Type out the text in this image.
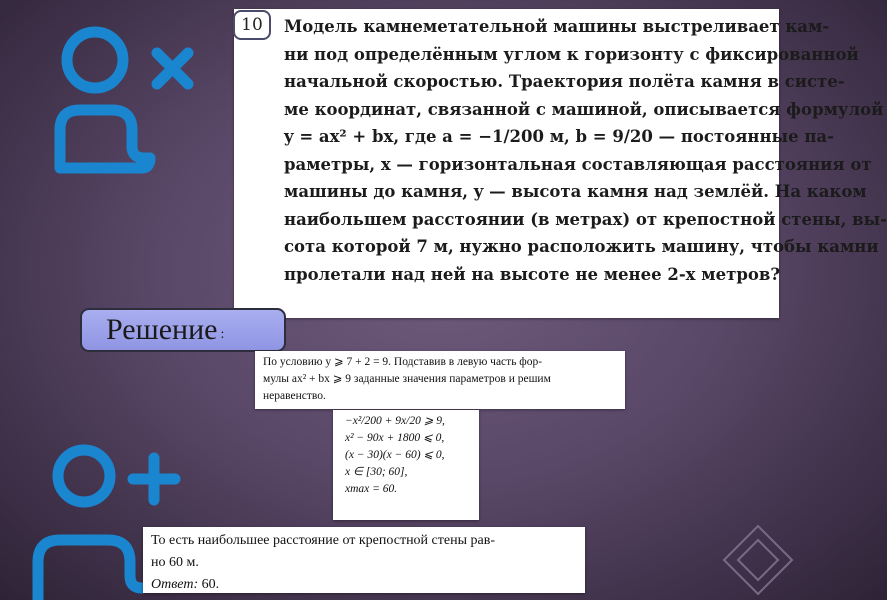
Модель камнеметательной машины выстреливает кам-
ни под определённым углом к горизонту с фиксированной
начальной скоростью. Траектория полёта камня в систе-
ме координат, связанной с машиной, описывается формулой
y = ax² + bx, где a = −1/200 м, b = 9/20 — постоянные па-
раметры, x — горизонтальная составляющая расстояния от
машины до камня, y — высота камня над землёй. На каком
наибольшем расстоянии (в метрах) от крепостной стены, вы-
сота которой 7 м, нужно расположить машину, чтобы камни
пролетали над ней на высоте не менее 2-х метров?
10
Решение :
По условию y ⩾ 7 + 2 = 9. Подставив в левую часть фор-
мулы ax² + bx ⩾ 9 заданные значения параметров и решим
неравенство.
−x²/200 + 9x/20 ⩾ 9,
x² − 90x + 1800 ⩽ 0,
(x − 30)(x − 60) ⩽ 0,
x ∈ [30; 60],
xmax = 60.
То есть наибольшее расстояние от крепостной стены рав-
но 60 м.
Ответ: 60.
